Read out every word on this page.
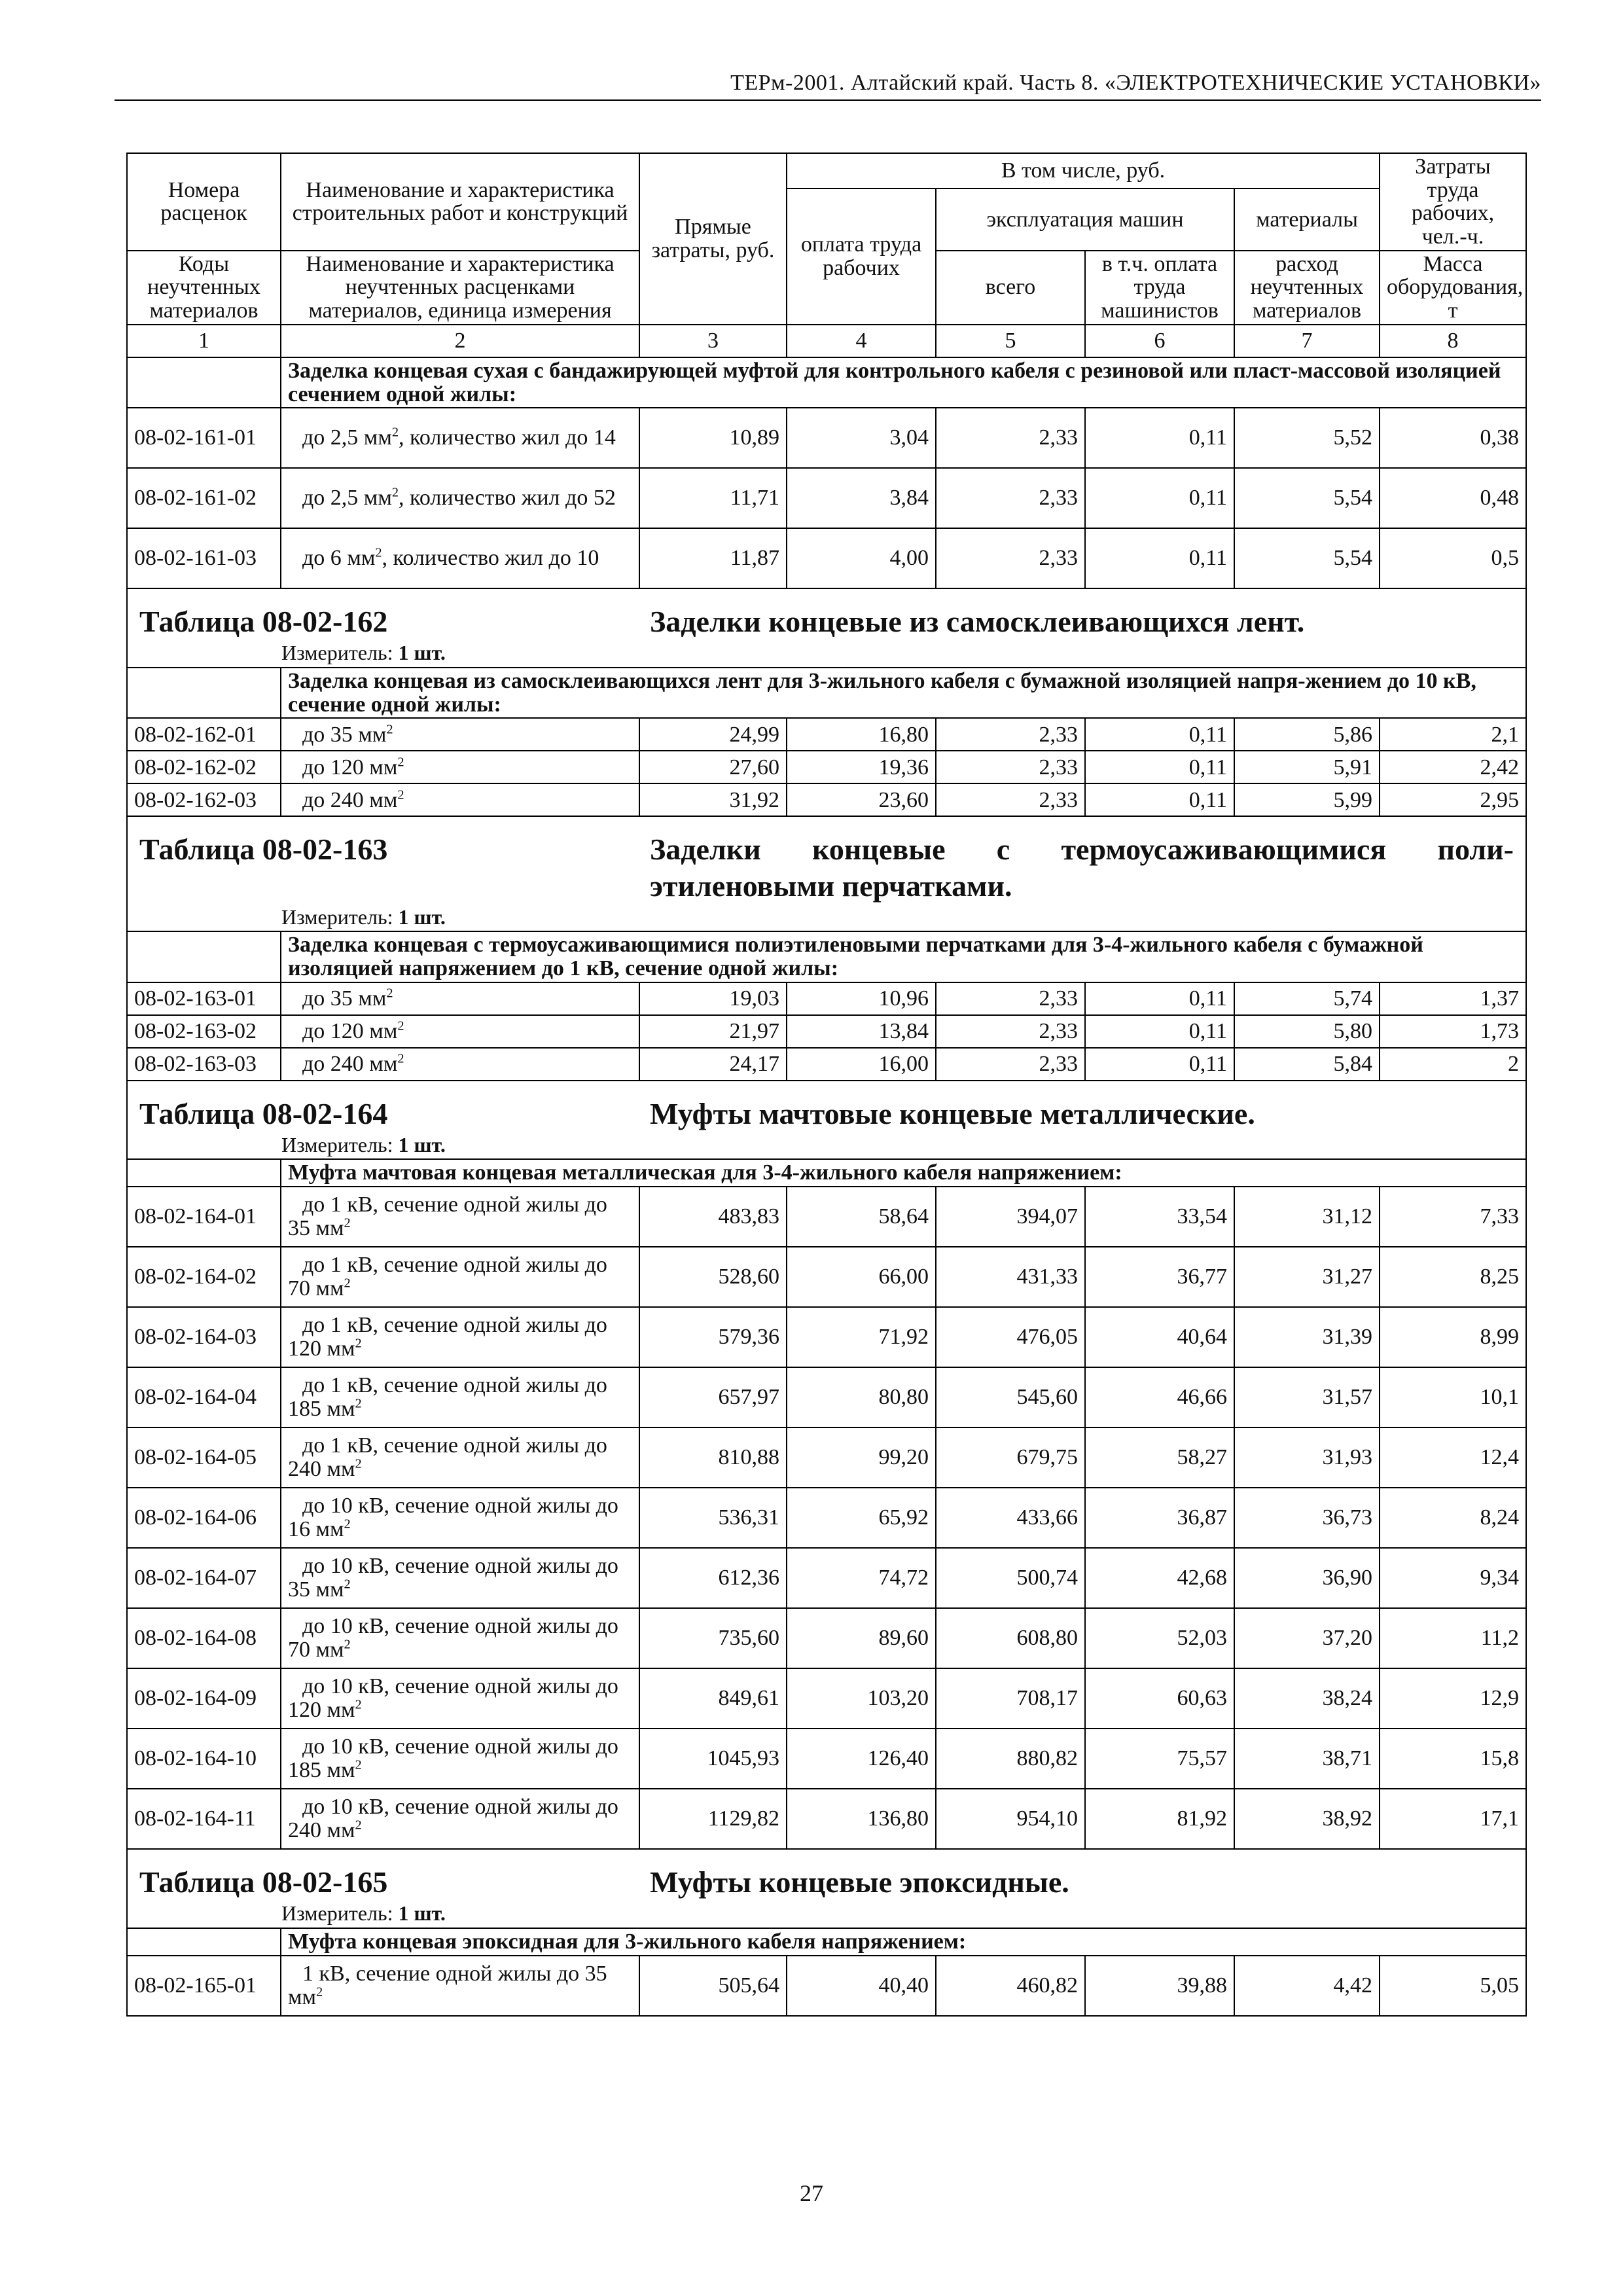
ТЕРм-2001. Алтайский край. Часть 8. «ЭЛЕКТРОТЕХНИЧЕСКИЕ УСТАНОВКИ»
Номера расценок	Наименование и характеристика строительных работ и конструкций	Прямые затраты, руб.	В том числе, руб.				Затраты труда рабочих, чел.-ч.
			оплата труда рабочих	эксплуатация машин		материалы	
Коды неучтенных материалов	Наименование и характеристика неучтенных расценками материалов, единица измерения			всего	в т.ч. оплата труда машинистов	расход неучтенных материалов	Масса оборудования, т
1	2	3	4	5	6	7	8
	Заделка концевая сухая с бандажирующей муфтой для контрольного кабеля с резиновой или пласт-массовой изоляцией сечением одной жилы:						
08-02-161-01	до 2,5 $мм^2$, количество жил до 14	10,89	3,04	2,33	0,11	5,52	0,38
08-02-161-02	до 2,5 $мм^2$, количество жил до 52	11,71	3,84	2,33	0,11	5,54	0,48
08-02-161-03	до 6 $мм^2$, количество жил до 10	11,87	4,00	2,33	0,11	5,54	0,5

Таблица 08-02-162 Заделки концевые из самосклеивающихся лент.							

Измеритель: 1 шт.							
	Заделка концевая из самосклеивающихся лент для 3-жильного кабеля с бумажной изоляцией напря-жением до 10 кВ, сечение одной жилы:						
08-02-162-01	до 35 $мм^2$	24,99	16,80	2,33	0,11	5,86	2,1
08-02-162-02	до 120 $мм^2$	27,60	19,36	2,33	0,11	5,91	2,42
08-02-162-03	до 240 $мм^2$	31,92	23,60	2,33	0,11	5,99	2,95

Таблица 08-02-163 Заделки концевые с термоусаживающимися поли-этиленовыми перчатками.							

Измеритель: 1 шт.							
	Заделка концевая с термоусаживающимися полиэтиленовыми перчатками для 3-4-жильного кабеля с бумажной изоляцией напряжением до 1 кВ, сечение одной жилы:						
08-02-163-01	до 35 $мм^2$	19,03	10,96	2,33	0,11	5,74	1,37
08-02-163-02	до 120 $мм^2$	21,97	13,84	2,33	0,11	5,80	1,73
08-02-163-03	до 240 $мм^2$	24,17	16,00	2,33	0,11	5,84	2

Таблица 08-02-164 Муфты мачтовые концевые металлические.							

Измеритель: 1 шт.							
	Муфта мачтовая концевая металлическая для 3-4-жильного кабеля напряжением:						
08-02-164-01	до 1 кВ, сечение одной жилы до 35 $мм^2$	483,83	58,64	394,07	33,54	31,12	7,33
08-02-164-02	до 1 кВ, сечение одной жилы до 70 $мм^2$	528,60	66,00	431,33	36,77	31,27	8,25
08-02-164-03	до 1 кВ, сечение одной жилы до 120 $мм^2$	579,36	71,92	476,05	40,64	31,39	8,99
08-02-164-04	до 1 кВ, сечение одной жилы до 185 $мм^2$	657,97	80,80	545,60	46,66	31,57	10,1
08-02-164-05	до 1 кВ, сечение одной жилы до 240 $мм^2$	810,88	99,20	679,75	58,27	31,93	12,4
08-02-164-06	до 10 кВ, сечение одной жилы до 16 $мм^2$	536,31	65,92	433,66	36,87	36,73	8,24
08-02-164-07	до 10 кВ, сечение одной жилы до 35 $мм^2$	612,36	74,72	500,74	42,68	36,90	9,34
08-02-164-08	до 10 кВ, сечение одной жилы до 70 $мм^2$	735,60	89,60	608,80	52,03	37,20	11,2
08-02-164-09	до 10 кВ, сечение одной жилы до 120 $мм^2$	849,61	103,20	708,17	60,63	38,24	12,9
08-02-164-10	до 10 кВ, сечение одной жилы до 185 $мм^2$	1045,93	126,40	880,82	75,57	38,71	15,8
08-02-164-11	до 10 кВ, сечение одной жилы до 240 $мм^2$	1129,82	136,80	954,10	81,92	38,92	17,1

Таблица 08-02-165 Муфты концевые эпоксидные.							

Измеритель: 1 шт.							
	Муфта концевая эпоксидная для 3-жильного кабеля напряжением:						
08-02-165-01	1 кВ, сечение одной жилы до 35 $мм^2$	505,64	40,40	460,82	39,88	4,42	5,05
27
